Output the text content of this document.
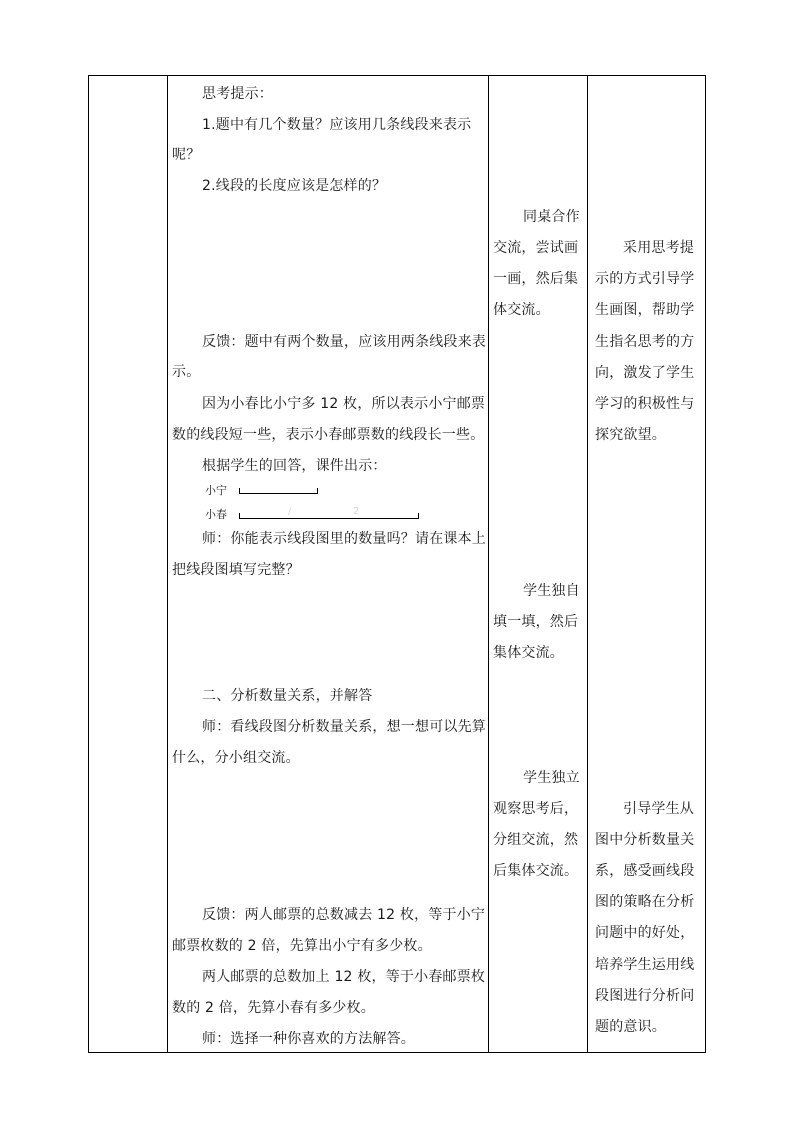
思考提示：
1.题中有几个数量？应该用几条线段来表示
呢？
2.线段的长度应该是怎样的？
反馈：题中有两个数量，应该用两条线段来表
示。
因为小春比小宁多 12 枚，所以表示小宁邮票
数的线段短一些，表示小春邮票数的线段长一些。
根据学生的回答，课件出示：
小宁
小春	/	2
师：你能表示线段图里的数量吗？请在课本上
把线段图填写完整？
二、分析数量关系，并解答
师：看线段图分析数量关系，想一想可以先算
什么，分小组交流。
反馈：两人邮票的总数减去 12 枚，等于小宁
邮票枚数的 2 倍，先算出小宁有多少枚。
两人邮票的总数加上 12 枚，等于小春邮票枚
数的 2 倍，先算小春有多少枚。
师：选择一种你喜欢的方法解答。
同桌合作
交流，尝试画
一画，然后集
体交流。
学生独自
填一填，然后
集体交流。
学生独立
观察思考后，
分组交流，然
后集体交流。
采用思考提
示的方式引导学
生画图，帮助学
生指名思考的方
向，激发了学生
学习的积极性与
探究欲望。
引导学生从
图中分析数量关
系，感受画线段
图的策略在分析
问题中的好处，
培养学生运用线
段图进行分析问
题的意识。
